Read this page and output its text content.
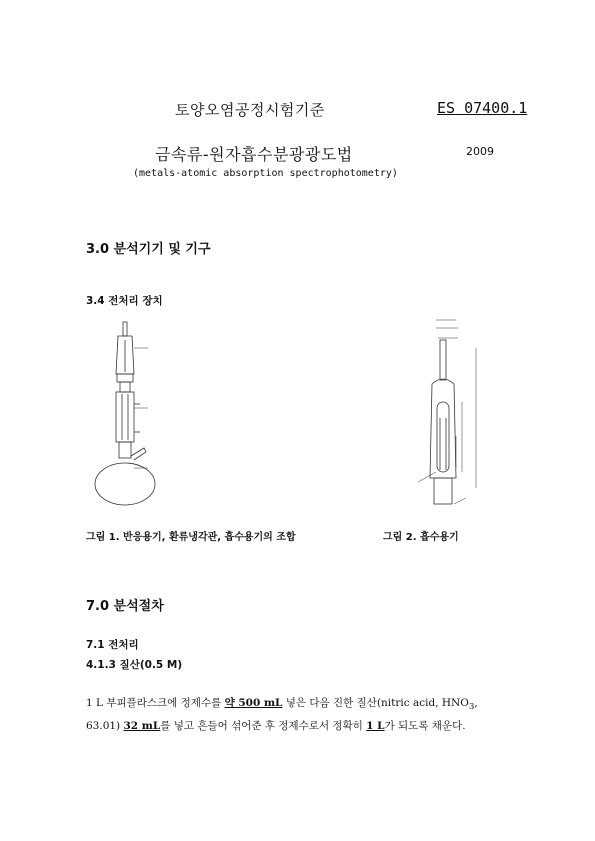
토양오염공정시험기준	ES 07400.1
금속류-원자흡수분광광도법	2009
(metals-atomic absorption spectrophotometry)
3.0 분석기기 및 기구
3.4 전처리 장치
그림 1. 반응용기, 환류냉각관, 흡수용기의 조합	그림 2. 흡수용기
7.0 분석절차
7.1 전처리
4.1.3 질산(0.5 M)
1 L 부피플라스크에 정제수를 약 500 mL 넣은 다음 진한 질산(nitric acid, $HNO_3$,
63.01) 32 mL를 넣고 흔들어 섞어준 후 정제수로서 정확히 1 L가 되도록 채운다.
